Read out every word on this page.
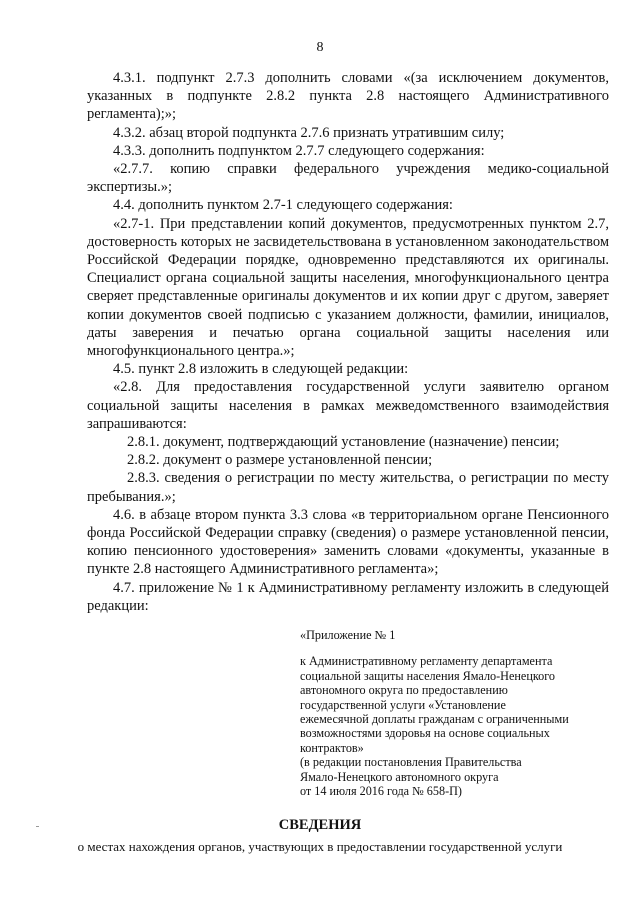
8

4.3.1. подпункт 2.7.3 дополнить словами «(за исключением документов, указанных в подпункте 2.8.2 пункта 2.8 настоящего Административного регламента);»;

4.3.2. абзац второй подпункта 2.7.6 признать утратившим силу;

4.3.3. дополнить подпунктом 2.7.7 следующего содержания:

«2.7.7. копию справки федерального учреждения медико-социальной экспертизы.»;

4.4. дополнить пунктом 2.7-1 следующего содержания:

«2.7-1. При представлении копий документов, предусмотренных пунктом 2.7, достоверность которых не засвидетельствована в установленном законодательством Российской Федерации порядке, одновременно представляются их оригиналы. Специалист органа социальной защиты населения, многофункционального центра сверяет представленные оригиналы документов и их копии друг с другом, заверяет копии документов своей подписью с указанием должности, фамилии, инициалов, даты заверения и печатью органа социальной защиты населения или многофункционального центра.»;

4.5. пункт 2.8 изложить в следующей редакции:

«2.8. Для предоставления государственной услуги заявителю органом социальной защиты населения в рамках межведомственного взаимодействия запрашиваются:

2.8.1. документ, подтверждающий установление (назначение) пенсии;

2.8.2. документ о размере установленной пенсии;

2.8.3. сведения о регистрации по месту жительства, о регистрации по месту пребывания.»;

4.6. в абзаце втором пункта 3.3 слова «в территориальном органе Пенсионного фонда Российской Федерации справку (сведения) о размере установленной пенсии, копию пенсионного удостоверения» заменить словами «документы, указанные в пункте 2.8 настоящего Административного регламента»;

4.7. приложение № 1 к Административному регламенту изложить в следующей редакции:

«Приложение № 1
к Административному регламенту департамента
социальной защиты населения Ямало-Ненецкого
автономного округа по предоставлению
государственной услуги «Установление
ежемесячной доплаты гражданам с ограниченными
возможностями здоровья на основе социальных
контрактов»
(в редакции постановления Правительства
Ямало-Ненецкого автономного округа
от 14 июля 2016 года № 658-П)
СВЕДЕНИЯ
о местах нахождения органов, участвующих в предоставлении государственной услуги
